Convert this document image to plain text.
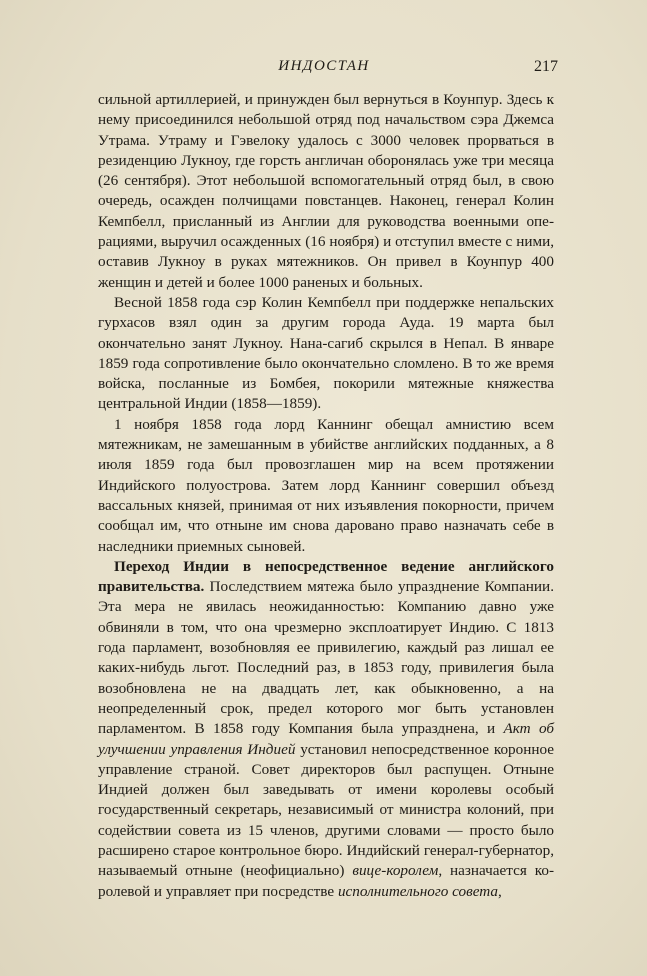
ИНДОСТАН	217

сильной артиллерией, и принужден был вернуться в Коунпур. Здесь к нему присоединился небольшой отряд под начальством сэра Джемса Утрама. Утраму и Гэвелоку удалось с 3000 человек прорваться в резиденцию Лукноу, где горсть англичан оборонялась уже три месяца (26 сентября). Этот небольшой вспомогательный отряд был, в свою очередь, осажден полчищами повстанцев. Наконец, генерал Колин Кемпбелл, присланный из Англии для руководства военными операциями, выручил осажденных (16 ноября) и отступил вместе с ними, оставив Лукноу в руках мятежников. Он привел в Коунпур 400 женщин и детей и более 1000 раненых и больных.

Весной 1858 года сэр Колин Кемпбелл при поддержке непальских гурхасов взял один за другим города Ауда. 19 марта был окончательно занят Лукноу. Нана-сагиб скрылся в Непал. В январе 1859 года сопротивление было окончательно сломлено. В то же время войска, посланные из Бомбея, покорили мятежные княжества центральной Индии (1858—1859).

1 ноября 1858 года лорд Каннинг обещал амнистию всем мятежникам, не замешанным в убийстве английских подданных, а 8 июля 1859 года был провозглашен мир на всем протяжении Индийского полуострова. Затем лорд Каннинг совершил объезд вассальных князей, принимая от них изъявления покорности, причем сообщал им, что отныне им снова даровано право назначать себе в наследники приемных сыновей.

Переход Индии в непосредственное ведение английского правительства. Последствием мятежа было упразднение Компании. Эта мера не явилась неожиданностью: Компанию давно уже обвиняли в том, что она чрезмерно эксплоатирует Индию. С 1813 года парламент, возобновляя ее привилегию, каждый раз лишал ее каких-нибудь льгот. Последний раз, в 1853 году, привилегия была возобновлена не на двадцать лет, как обыкновенно, а на неопределенный срок, предел которого мог быть установлен парламентом. В 1858 году Компания была упразднена, и Акт об улучшении управления Индией установил непосредственное коронное управление страной. Совет директоров был распущен. Отныне Индией должен был заведывать от имени королевы особый государственный секретарь, независимый от министра колоний, при содействии совета из 15 членов, другими словами — просто было расширено старое контрольное бюро. Индийский генерал-губернатор, называемый отныне (неофициально) вице-королем, назначается королевой и управляет при посредстве исполнительного совета,
